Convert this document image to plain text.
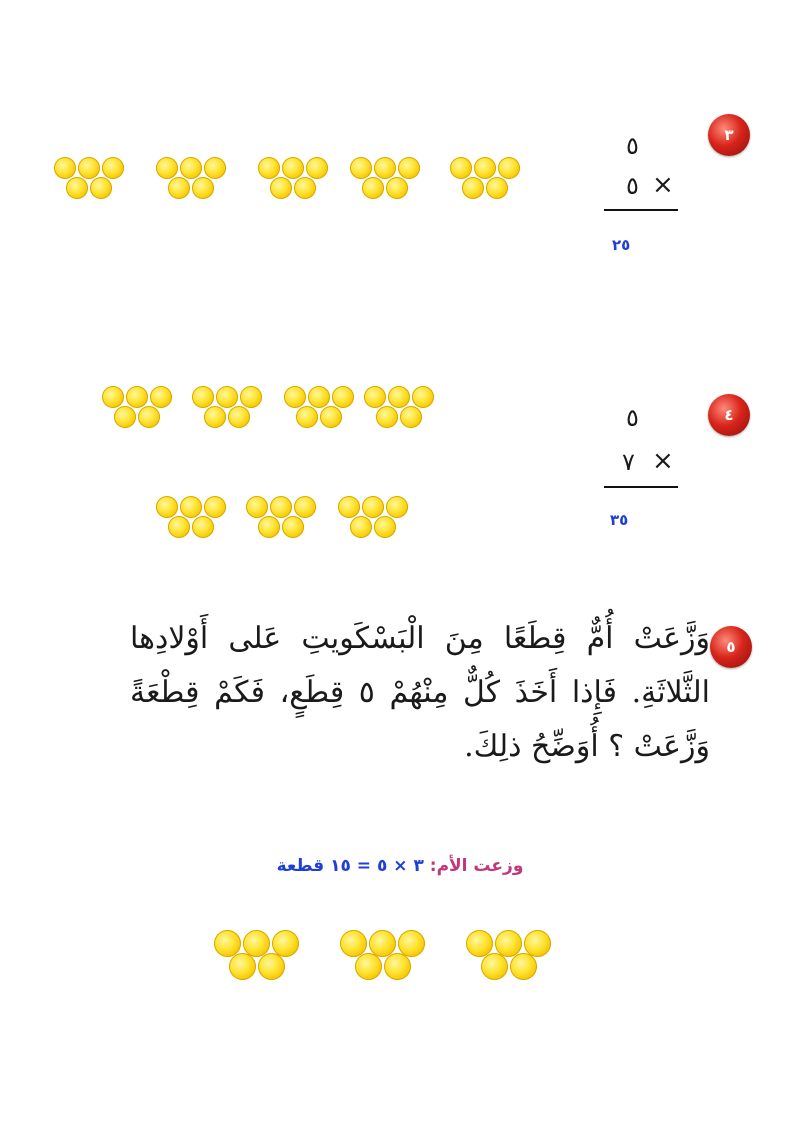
٣
٥
٥ ×
٢٥
٤
٥
٧ ×
٣٥
٥
وَزَّعَتْ أُمٌّ قِطَعًا مِنَ الْبَسْكَويتِ عَلى أَوْلادِها الثَّلاثَةِ. فَإِذا أَخَذَ كُلٌّ مِنْهُمْ ٥ قِطَعٍ، فَكَمْ قِطْعَةً وَزَّعَتْ ؟ أُوَضِّحُ ذلِكَ.
وزعت الأم: ٣ × ٥ = ١٥ قطعة
